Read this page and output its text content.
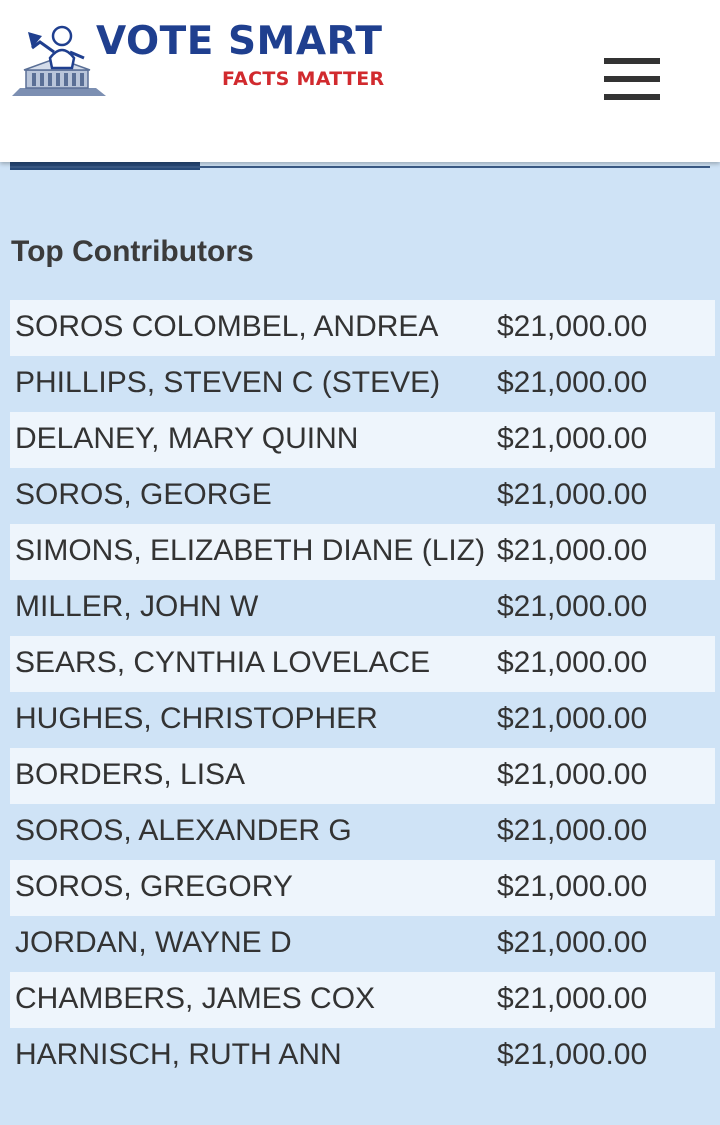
VOTE SMART
FACTS MATTER
Top Contributors
SOROS COLOMBEL, ANDREA	$21,000.00
PHILLIPS, STEVEN C (STEVE)	$21,000.00
DELANEY, MARY QUINN	$21,000.00
SOROS, GEORGE	$21,000.00
SIMONS, ELIZABETH DIANE (LIZ)	$21,000.00
MILLER, JOHN W	$21,000.00
SEARS, CYNTHIA LOVELACE	$21,000.00
HUGHES, CHRISTOPHER	$21,000.00
BORDERS, LISA	$21,000.00
SOROS, ALEXANDER G	$21,000.00
SOROS, GREGORY	$21,000.00
JORDAN, WAYNE D	$21,000.00
CHAMBERS, JAMES COX	$21,000.00
HARNISCH, RUTH ANN	$21,000.00
